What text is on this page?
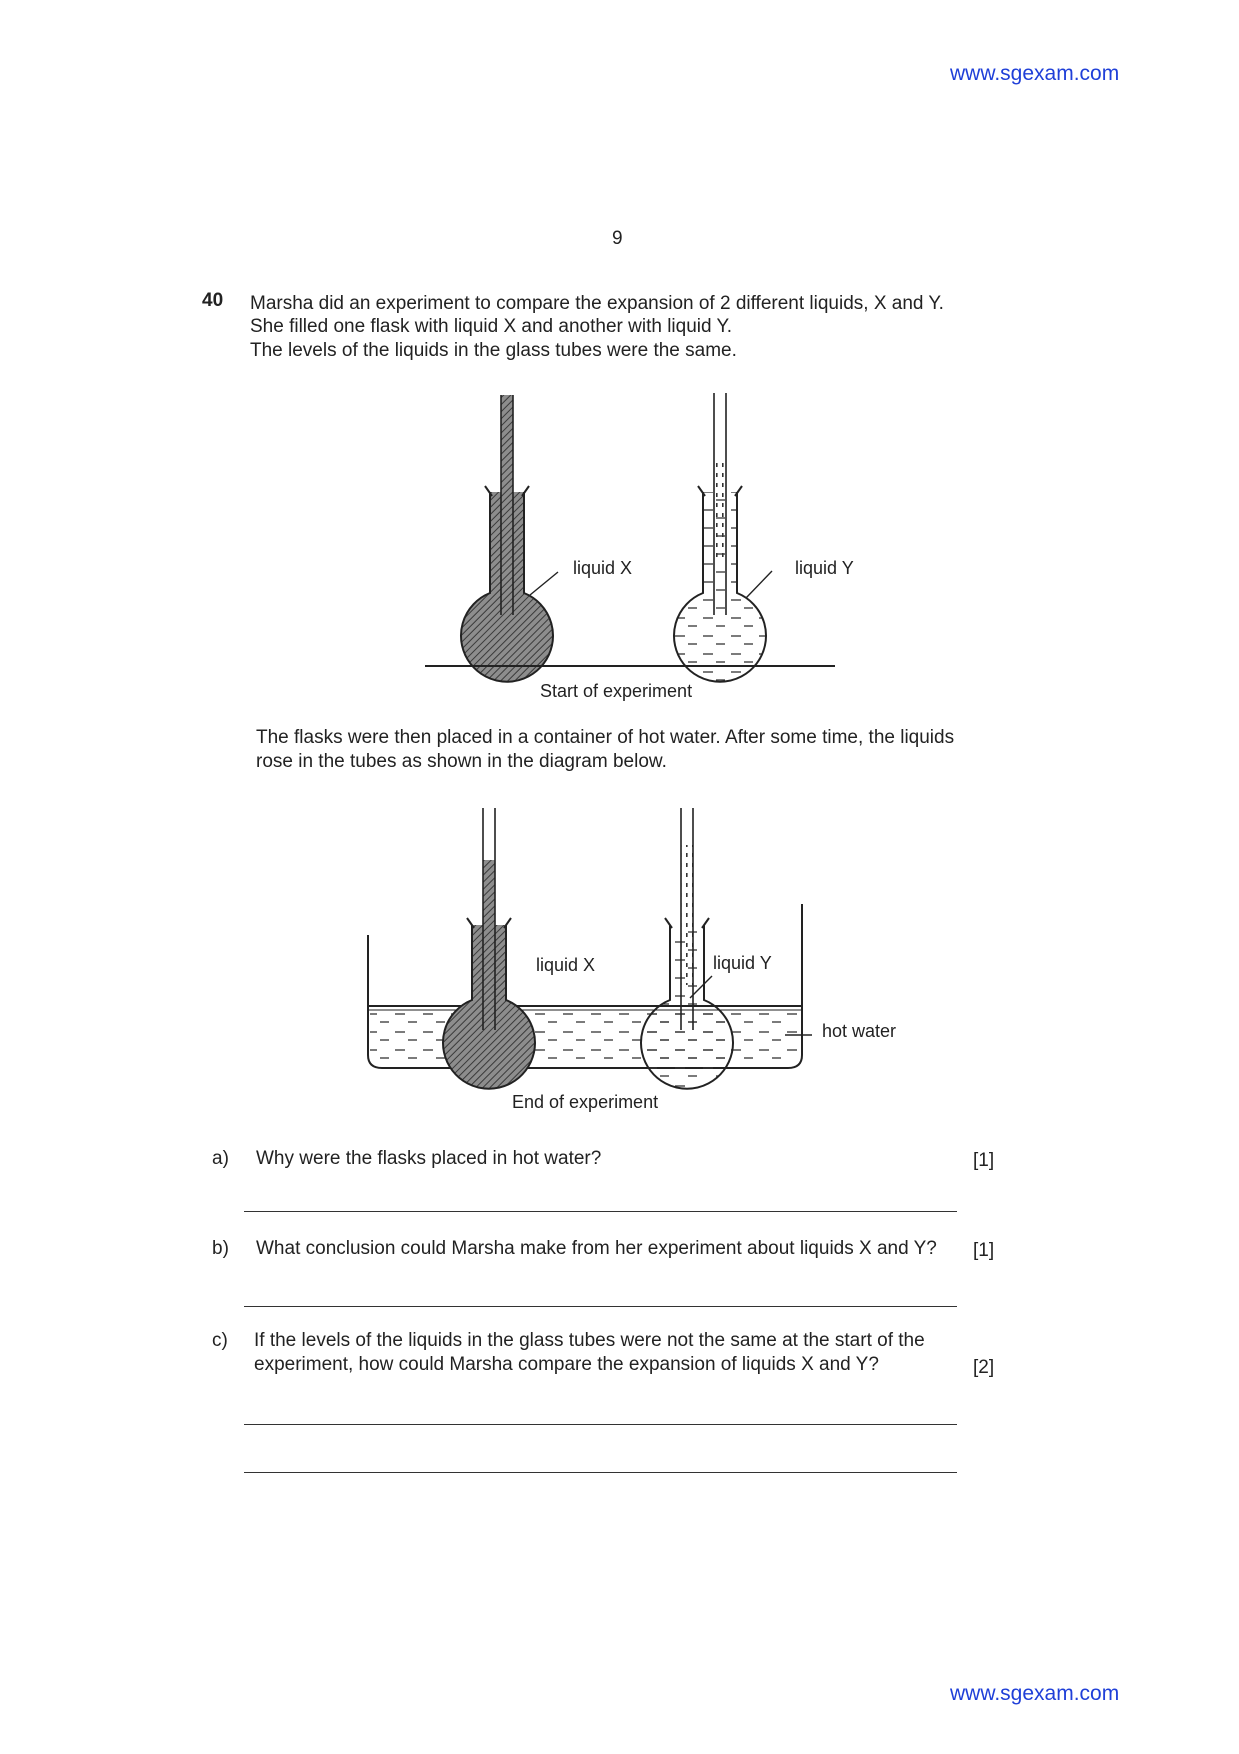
www.sgexam.com
9
40 Marsha did an experiment to compare the expansion of 2 different liquids, X and Y.
She filled one flask with liquid X and another with liquid Y.
The levels of the liquids in the glass tubes were the same.
liquid X	liquid Y
Start of experiment
The flasks were then placed in a container of hot water. After some time, the liquids
rose in the tubes as shown in the diagram below.
liquid X	liquid Y
hot water
End of experiment
a) Why were the flasks placed in hot water?	[1]
b) What conclusion could Marsha make from her experiment about liquids X and Y? [1]
c) If the levels of the liquids in the glass tubes were not the same at the start of the
experiment, how could Marsha compare the expansion of liquids X and Y?	[2]
www.sgexam.com
